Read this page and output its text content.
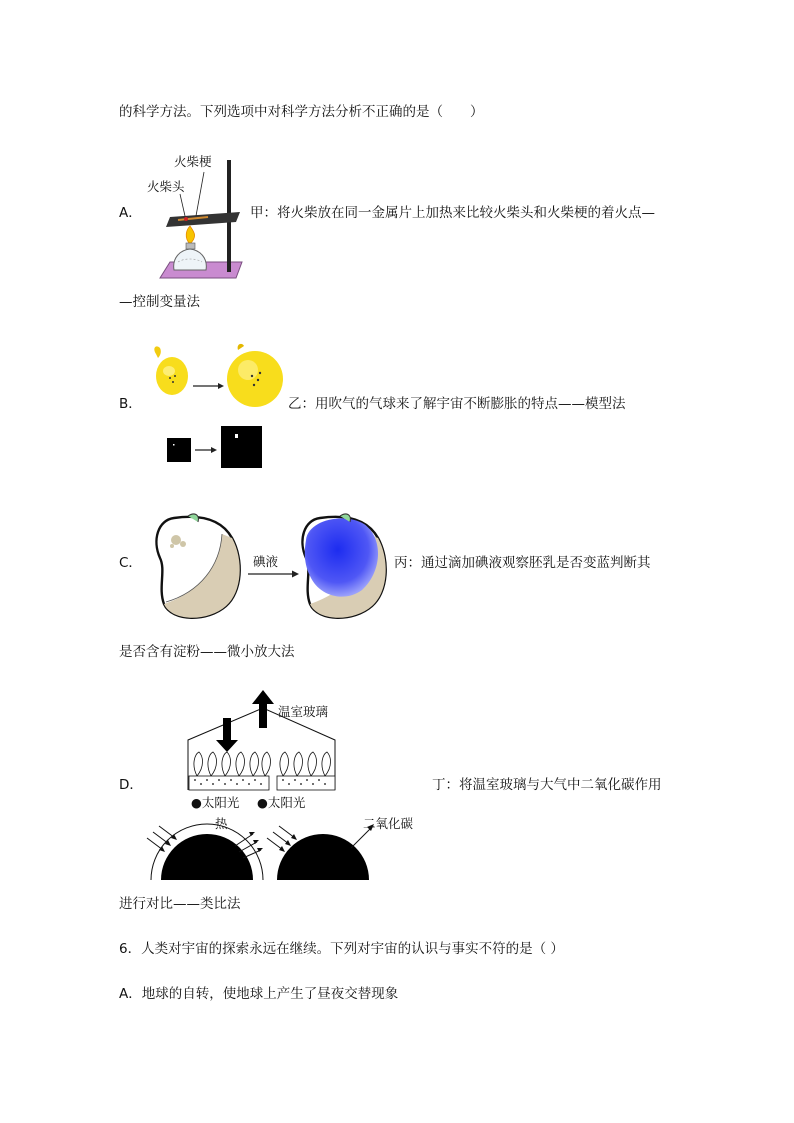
的科学方法。下列选项中对科学方法分析不正确的是（　　）
A．
火柴梗
火柴头
甲：将火柴放在同一金属片上加热来比较火柴头和火柴梗的着火点—
—控制变量法
B．	乙：用吹气的气球来了解宇宙不断膨胀的特点——模型法
C．	碘液	丙：通过滴加碘液观察胚乳是否变蓝判断其
是否含有淀粉——微小放大法
D．
温室玻璃
●太阳光 ●太阳光
热	二氧化碳
丁：将温室玻璃与大气中二氧化碳作用
进行对比——类比法
6．人类对宇宙的探索永远在继续。下列对宇宙的认识与事实不符的是（ ）
A．地球的自转，使地球上产生了昼夜交替现象
